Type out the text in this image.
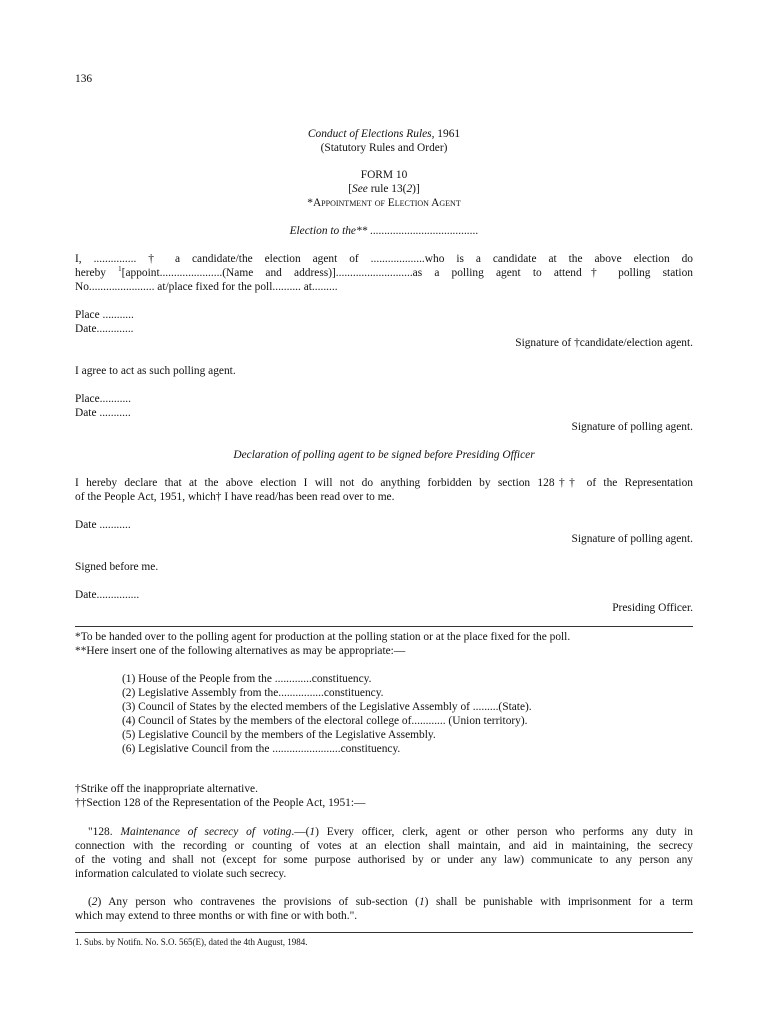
136
Conduct of Elections Rules, 1961
(Statutory Rules and Order)
FORM 10
[See rule 13(2)]
*Appointment of Election Agent
Election to the** ......................................
I, ............... † a candidate/the election agent of ...................who is a candidate at the above election do
hereby $^1$[appoint......................(Name and address)]...........................as a polling agent to attend† polling station
No....................... at/place fixed for the poll.......... at.........
Place ...........
Date.............
Signature of †candidate/election agent.
I agree to act as such polling agent.
Place...........
Date ...........
Signature of polling agent.
Declaration of polling agent to be signed before Presiding Officer
I hereby declare that at the above election I will not do anything forbidden by section 128†† of the Representation
of the People Act, 1951, which† I have read/has been read over to me.
Date ...........
Signature of polling agent.
Signed before me.
Date...............
Presiding Officer.
*To be handed over to the polling agent for production at the polling station or at the place fixed for the poll.
**Here insert one of the following alternatives as may be appropriate:—
(1) House of the People from the .............constituency.
(2) Legislative Assembly from the................constituency.
(3) Council of States by the elected members of the Legislative Assembly of .........(State).
(4) Council of States by the members of the electoral college of............ (Union territory).
(5) Legislative Council by the members of the Legislative Assembly.
(6) Legislative Council from the ........................constituency.
†Strike off the inappropriate alternative.
††Section 128 of the Representation of the People Act, 1951:—
"128. Maintenance of secrecy of voting.—(1) Every officer, clerk, agent or other person who performs any duty in
connection with the recording or counting of votes at an election shall maintain, and aid in maintaining, the secrecy
of the voting and shall not (except for some purpose authorised by or under any law) communicate to any person any
information calculated to violate such secrecy.
(2) Any person who contravenes the provisions of sub-section (1) shall be punishable with imprisonment for a term
which may extend to three months or with fine or with both.".
1. Subs. by Notifn. No. S.O. 565(E), dated the 4th August, 1984.
